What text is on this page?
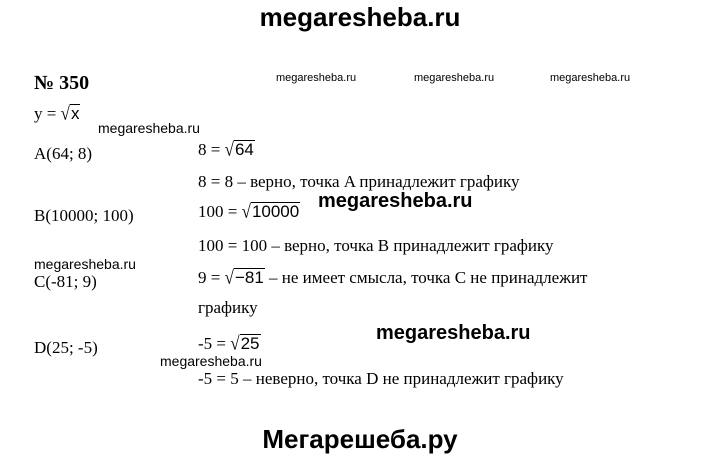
megaresheba.ru
№ 350	megaresheba.ru	megaresheba.ru	megaresheba.ru
у = √x
megaresheba.ru
A(64; 8)	8 = √64
8 = 8 – верно, точка A принадлежит графику
B(10000; 100)	100 = √10000 megaresheba.ru
100 = 100 – верно, точка B принадлежит графику
megaresheba.ru
C(-81; 9)	9 = √−81 – не имеет смысла, точка C не принадлежит
графику
megaresheba.ru
D(25; -5)	-5 = √25
megaresheba.ru
-5 = 5 – неверно, точка D не принадлежит графику
Мегарешеба.ру
